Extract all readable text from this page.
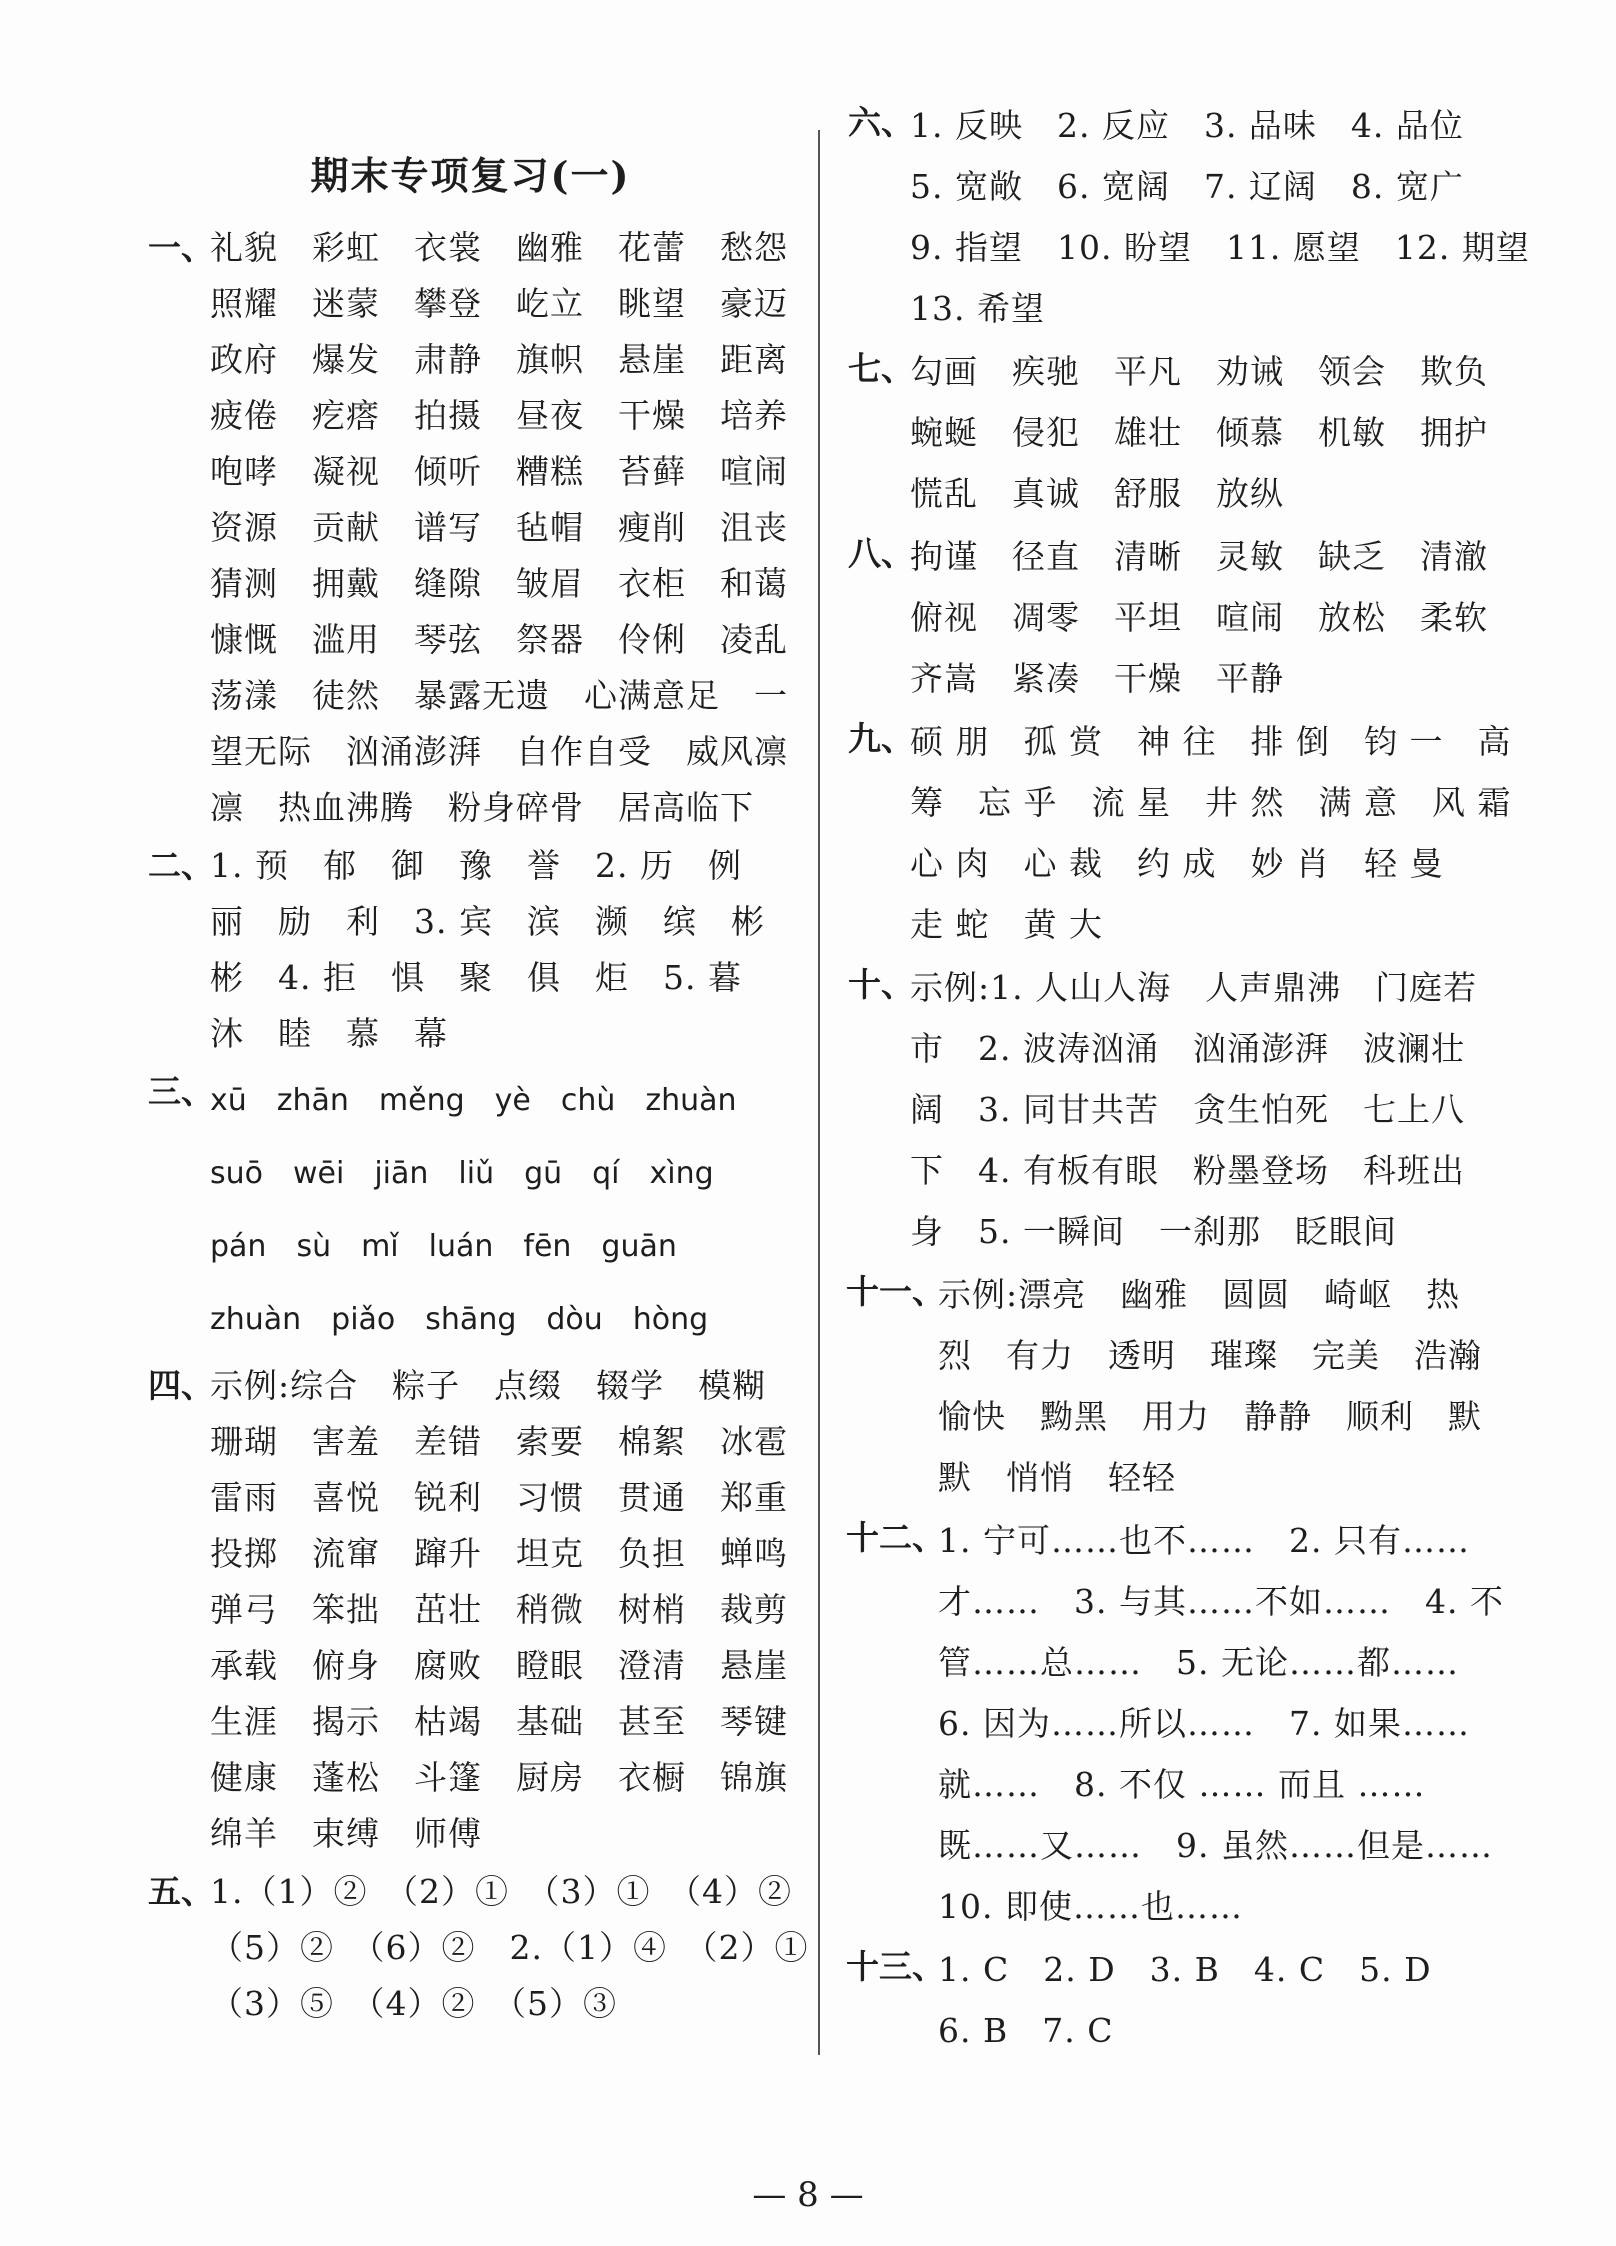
期末专项复习(一)
一、
礼貌　彩虹　衣裳　幽雅　花蕾　愁怨
照耀　迷蒙　攀登　屹立　眺望　豪迈
政府　爆发　肃静　旗帜　悬崖　距离
疲倦　疙瘩　拍摄　昼夜　干燥　培养
咆哮　凝视　倾听　糟糕　苔藓　喧闹
资源　贡献　谱写　毡帽　瘦削　沮丧
猜测　拥戴　缝隙　皱眉　衣柜　和蔼
慷慨　滥用　琴弦　祭器　伶俐　凌乱
荡漾　徒然　暴露无遗　心满意足　一
望无际　汹涌澎湃　自作自受　威风凛
凛　热血沸腾　粉身碎骨　居高临下
二、
1. 预　郁　御　豫　誉　2. 历　例
丽　励　利　3. 宾　滨　濒　缤　彬
彬　4. 拒　惧　聚　俱　炬　5. 暮
沐　睦　慕　幕
三、
xū　zhān　měng　yè　chù　zhuàn
suō　wēi　jiān　liǔ　gū　qí　xìng
pán　sù　mǐ　luán　fēn　guān
zhuàn　piǎo　shāng　dòu　hòng
四、
示例:综合　粽子　点缀　辍学　模糊
珊瑚　害羞　差错　索要　棉絮　冰雹
雷雨　喜悦　锐利　习惯　贯通　郑重
投掷　流窜　蹿升　坦克　负担　蝉鸣
弹弓　笨拙　茁壮　稍微　树梢　裁剪
承载　俯身　腐败　瞪眼　澄清　悬崖
生涯　揭示　枯竭　基础　甚至　琴键
健康　蓬松　斗篷　厨房　衣橱　锦旗
绵羊　束缚　师傅
五、
1.（1）②　（2）①　（3）①　（4）②
（5）②　（6）②　2.（1）④　（2）①
（3）⑤　（4）②　（5）③
六、
1. 反映　2. 反应　3. 品味　4. 品位
5. 宽敞　6. 宽阔　7. 辽阔　8. 宽广
9. 指望　10. 盼望　11. 愿望　12. 期望
13. 希望
七、
勾画　疾驰　平凡　劝诫　领会　欺负
蜿蜒　侵犯　雄壮　倾慕　机敏　拥护
慌乱　真诚　舒服　放纵
八、
拘谨　径直　清晰　灵敏　缺乏　清澈
俯视　凋零　平坦　喧闹　放松　柔软
齐嵩　紧凑　干燥　平静
九、
硕 朋　孤 赏　神 往　排 倒　钧 一　高
筹　忘 乎　流 星　井 然　满 意　风 霜
心 肉　心 裁　约 成　妙 肖　轻 曼
走 蛇　黄 大
十、
示例:1. 人山人海　人声鼎沸　门庭若
市　2. 波涛汹涌　汹涌澎湃　波澜壮
阔　3. 同甘共苦　贪生怕死　七上八
下　4. 有板有眼　粉墨登场　科班出
身　5. 一瞬间　一刹那　眨眼间
十一、
示例:漂亮　幽雅　圆圆　崎岖　热
烈　有力　透明　璀璨　完美　浩瀚
愉快　黝黑　用力　静静　顺利　默
默　悄悄　轻轻
十二、
1. 宁可……也不……　2. 只有……
才……　3. 与其……不如……　4. 不
管……总……　5. 无论……都……
6. 因为……所以……　7. 如果……
就……　8. 不仅 …… 而且 ……
既……又……　9. 虽然……但是……
10. 即使……也……
十三、
1. C　2. D　3. B　4. C　5. D
6. B　7. C
— 8 —
